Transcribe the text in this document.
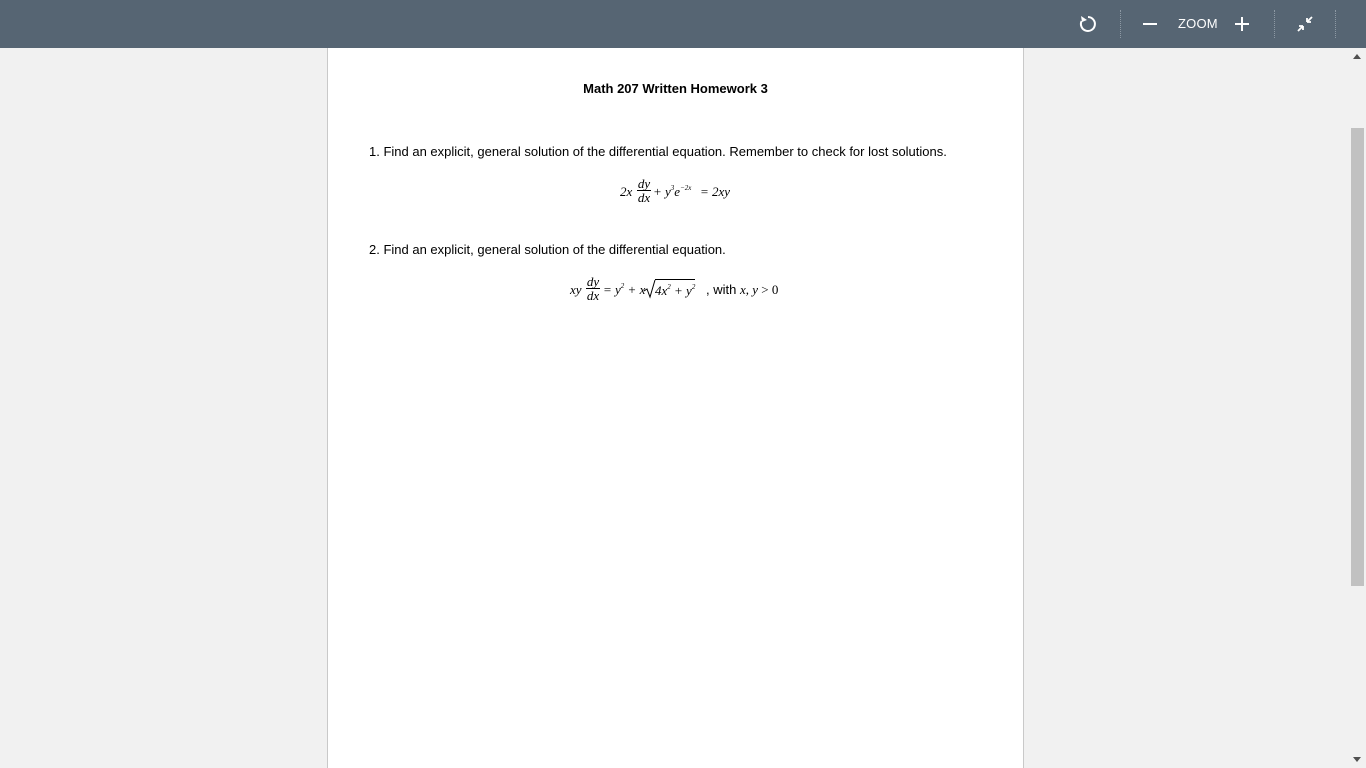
ZOOM
Math 207 Written Homework 3
1. Find an explicit, general solution of the differential equation. Remember to check for lost solutions.
$2x \frac{dy}{dx} + y^3e^{-2x} = 2xy$
2. Find an explicit, general solution of the differential equation.
xy $\frac{dy}{dx} = y^2 + x$ $4x^2 + y^2$ , with x, y > 0
